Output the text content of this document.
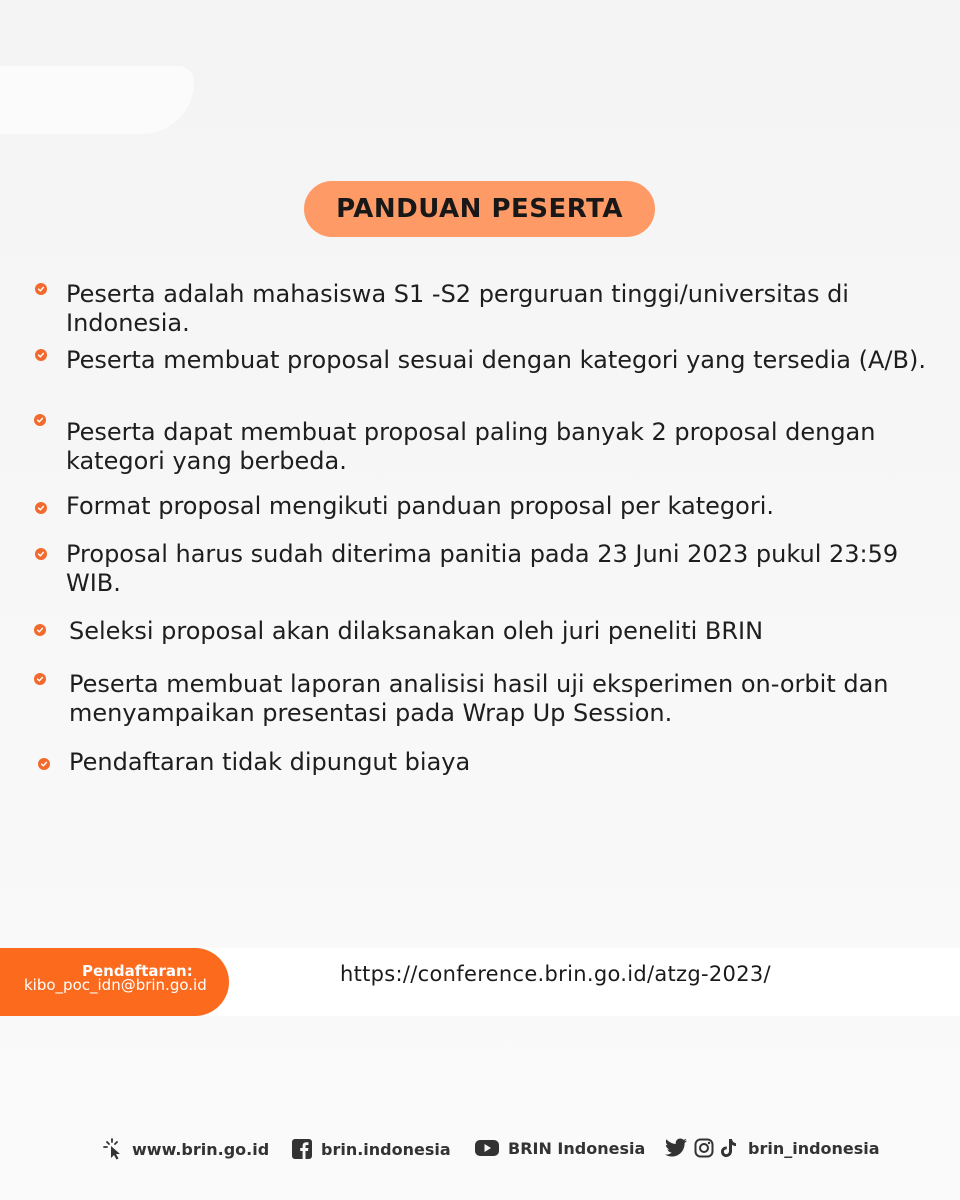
PANDUAN PESERTA
Peserta adalah mahasiswa S1 -S2 perguruan tinggi/universitas di Indonesia.
Peserta membuat proposal sesuai dengan kategori yang tersedia (A/B).
Peserta dapat membuat proposal paling banyak 2 proposal dengan kategori yang berbeda.
Format proposal mengikuti panduan proposal per kategori.
Proposal harus sudah diterima panitia pada 23 Juni 2023 pukul 23:59 WIB.
Seleksi proposal akan dilaksanakan oleh juri peneliti BRIN
Peserta membuat laporan analisisi hasil uji eksperimen on-orbit dan menyampaikan presentasi pada Wrap Up Session.
Pendaftaran tidak dipungut biaya
Pendaftaran:
kibo_poc_idn@brin.go.id	https://conference.brin.go.id/atzg-2023/
www.brin.go.id	brin.indonesia	BRIN Indonesia	brin_indonesia
